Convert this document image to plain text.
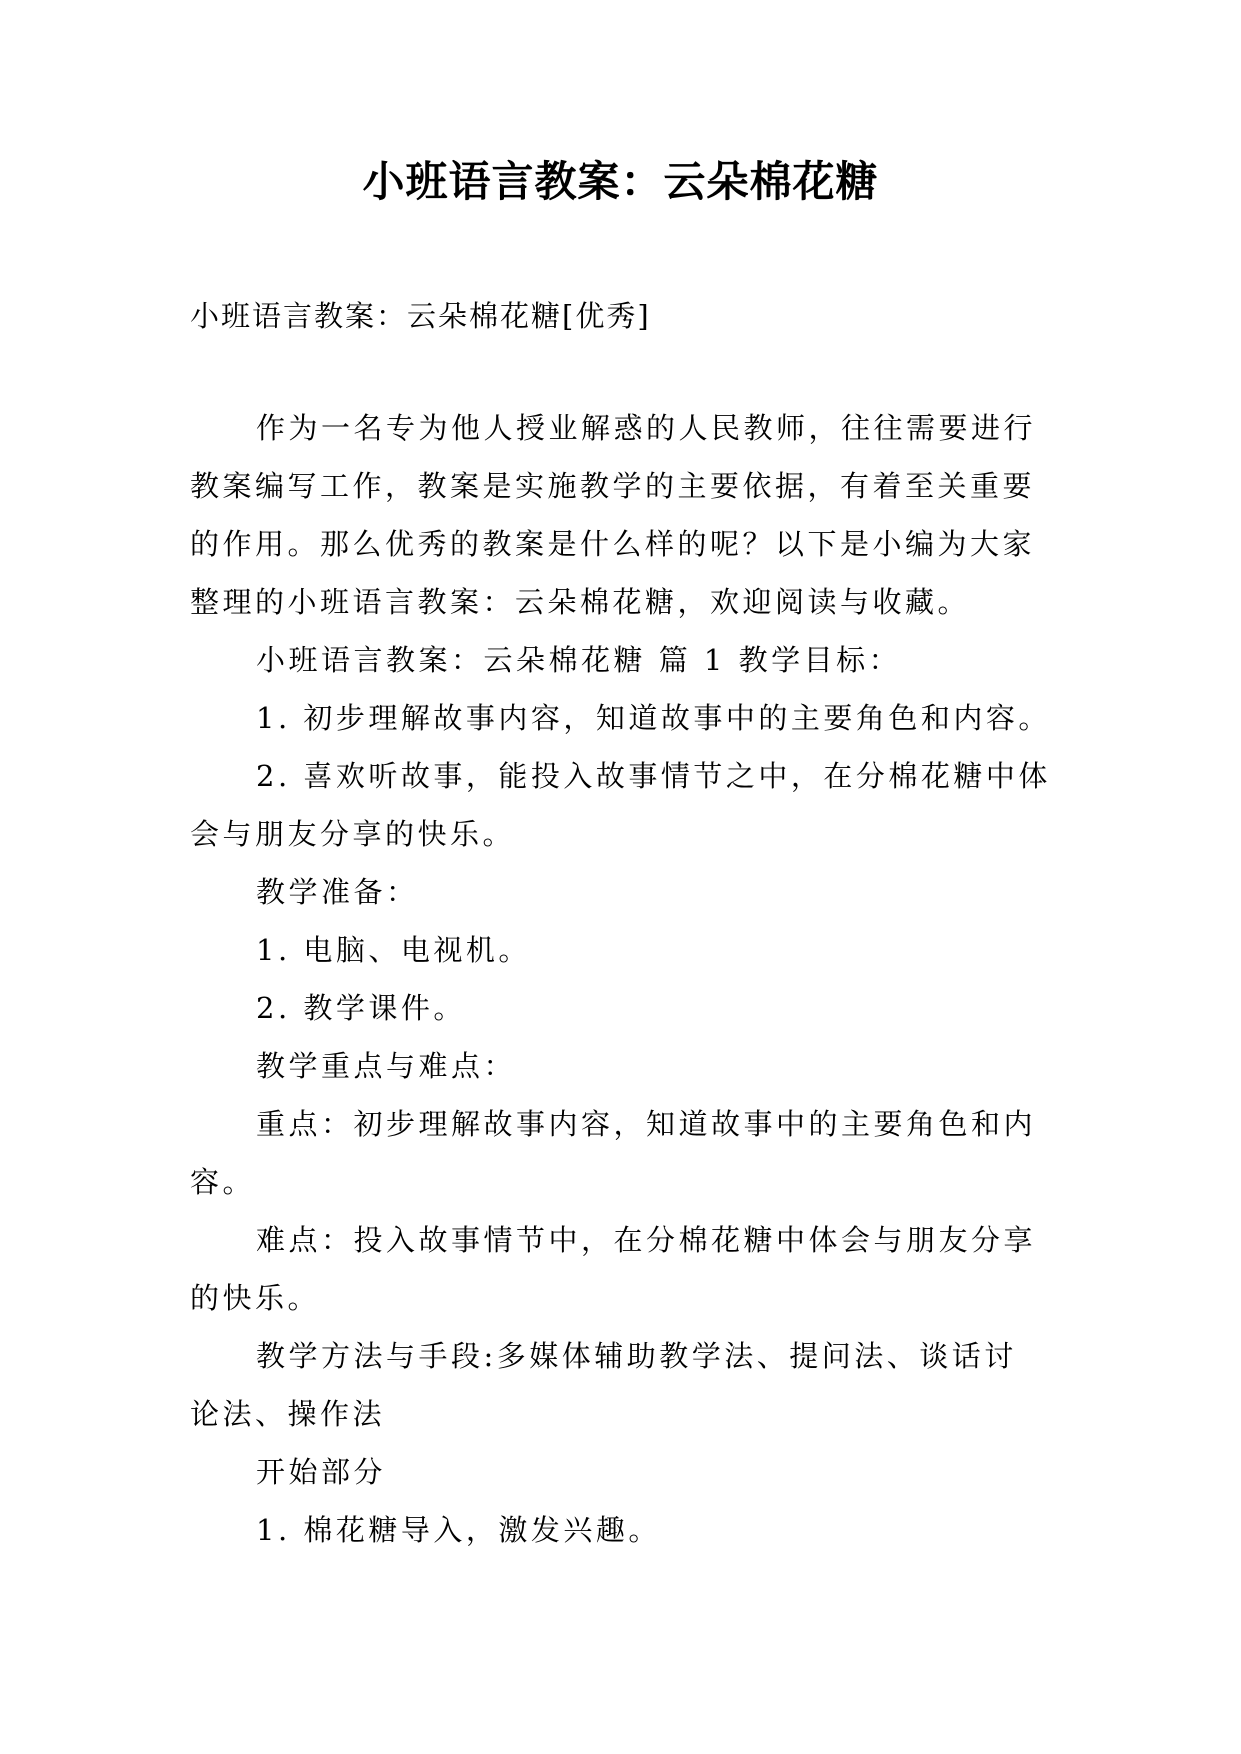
小班语言教案：云朵棉花糖
小班语言教案：云朵棉花糖[优秀]
作为一名专为他人授业解惑的人民教师，往往需要进行
教案编写工作，教案是实施教学的主要依据，有着至关重要
的作用。那么优秀的教案是什么样的呢？以下是小编为大家
整理的小班语言教案：云朵棉花糖，欢迎阅读与收藏。
小班语言教案：云朵棉花糖 篇 1 教学目标：
1. 初步理解故事内容，知道故事中的主要角色和内容。
2. 喜欢听故事，能投入故事情节之中，在分棉花糖中体
会与朋友分享的快乐。
教学准备：
1. 电脑、电视机。
2. 教学课件。
教学重点与难点：
重点：初步理解故事内容，知道故事中的主要角色和内
容。
难点：投入故事情节中，在分棉花糖中体会与朋友分享
的快乐。
教学方法与手段:多媒体辅助教学法、提问法、谈话讨
论法、操作法
开始部分
1. 棉花糖导入，激发兴趣。
